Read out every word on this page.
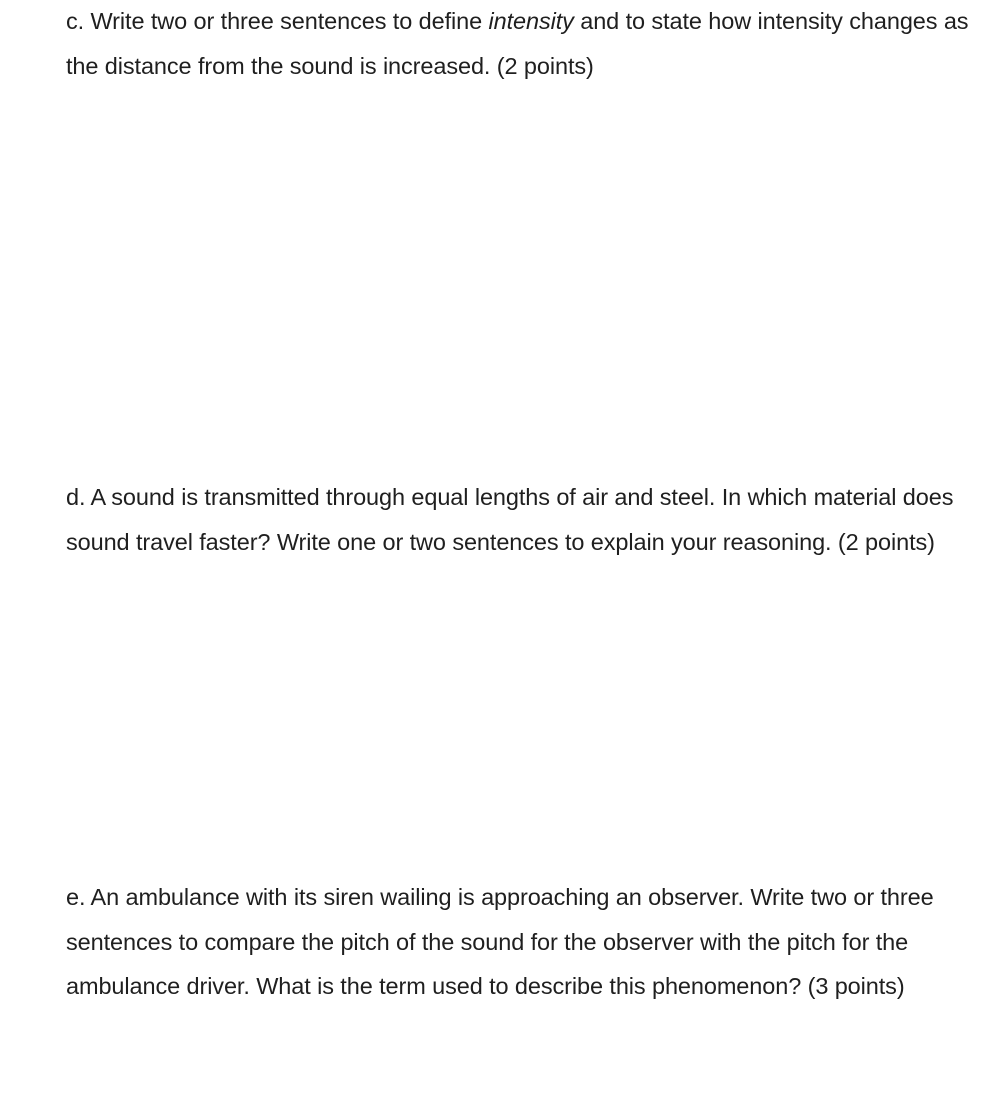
c. Write two or three sentences to define intensity and to state how intensity changes as the distance from the sound is increased. (2 points)

d. A sound is transmitted through equal lengths of air and steel. In which material does sound travel faster? Write one or two sentences to explain your reasoning. (2 points)

e. An ambulance with its siren wailing is approaching an observer. Write two or three sentences to compare the pitch of the sound for the observer with the pitch for the ambulance driver. What is the term used to describe this phenomenon? (3 points)
